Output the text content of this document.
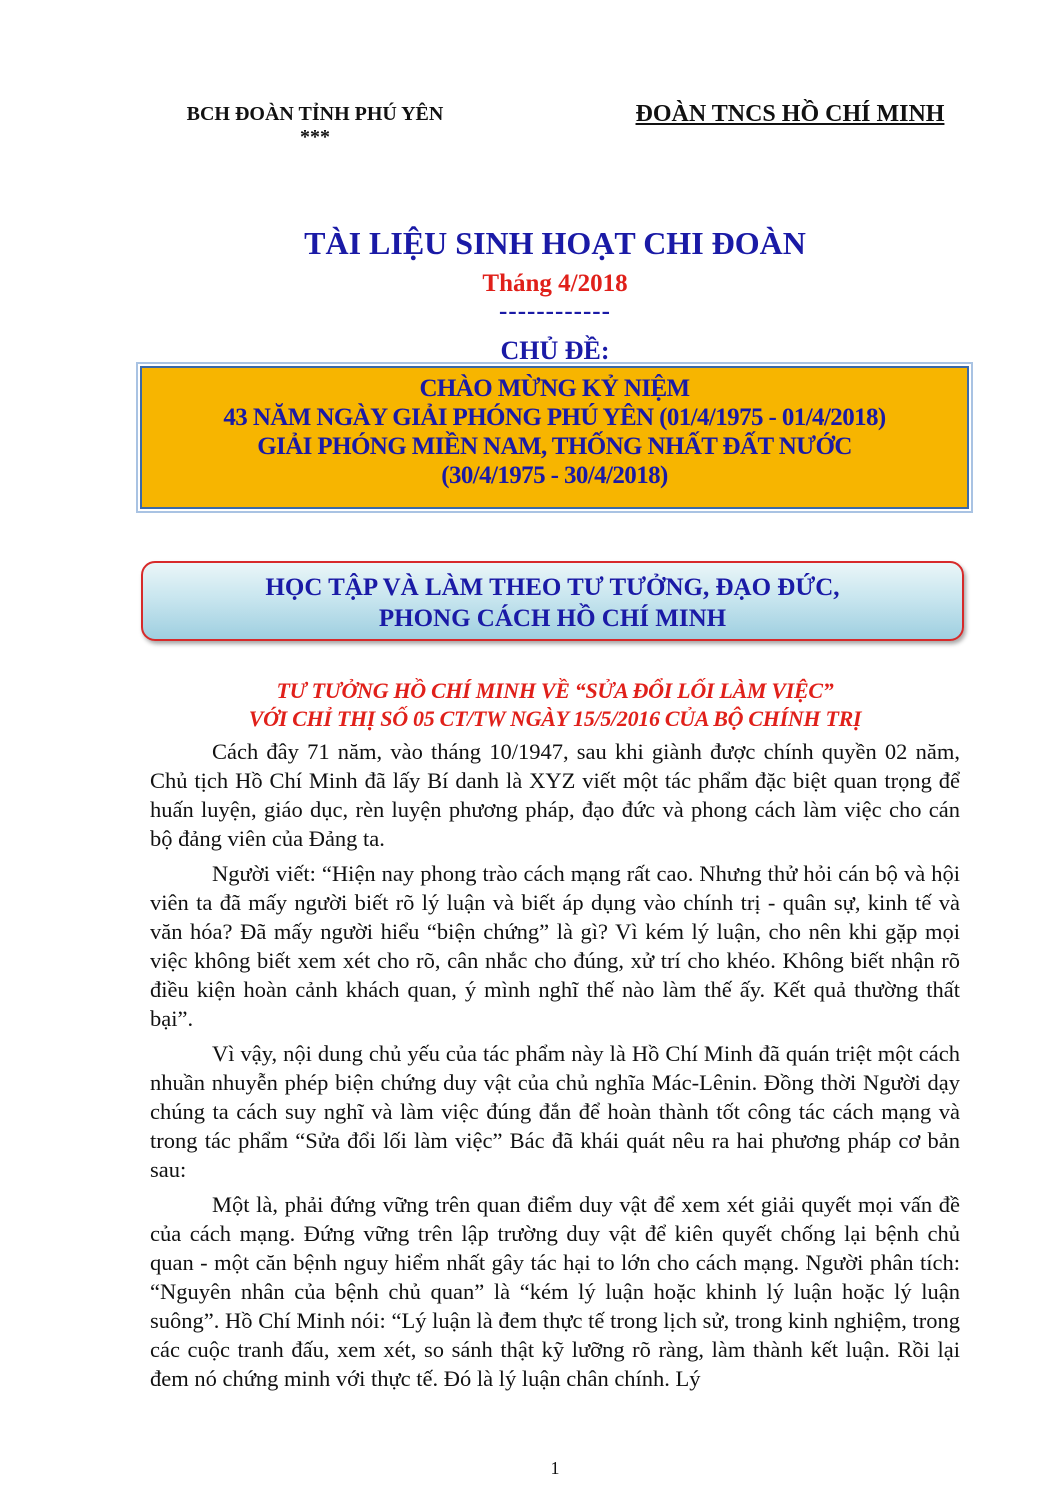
BCH ĐOÀN TỈNH PHÚ YÊN
***
ĐOÀN TNCS HỒ CHÍ MINH
TÀI LIỆU SINH HOẠT CHI ĐOÀN
Tháng 4/2018
------------
CHỦ ĐỀ:
CHÀO MỪNG KỶ NIỆM
43 NĂM NGÀY GIẢI PHÓNG PHÚ YÊN (01/4/1975 - 01/4/2018)
GIẢI PHÓNG MIỀN NAM, THỐNG NHẤT ĐẤT NƯỚC
(30/4/1975 - 30/4/2018)
HỌC TẬP VÀ LÀM THEO TƯ TƯỞNG, ĐẠO ĐỨC,
PHONG CÁCH HỒ CHÍ MINH
TƯ TƯỞNG HỒ CHÍ MINH VỀ “SỬA ĐỔI LỐI LÀM VIỆC”
VỚI CHỈ THỊ SỐ 05 CT/TW NGÀY 15/5/2016 CỦA BỘ CHÍNH TRỊ

Cách đây 71 năm, vào tháng 10/1947, sau khi giành được chính quyền 02 năm, Chủ tịch Hồ Chí Minh đã lấy Bí danh là XYZ viết một tác phẩm đặc biệt quan trọng để huấn luyện, giáo dục, rèn luyện phương pháp, đạo đức và phong cách làm việc cho cán bộ đảng viên của Đảng ta.

Người viết: “Hiện nay phong trào cách mạng rất cao. Nhưng thử hỏi cán bộ và hội viên ta đã mấy người biết rõ lý luận và biết áp dụng vào chính trị - quân sự, kinh tế và văn hóa? Đã mấy người hiểu “biện chứng” là gì? Vì kém lý luận, cho nên khi gặp mọi việc không biết xem xét cho rõ, cân nhắc cho đúng, xử trí cho khéo. Không biết nhận rõ điều kiện hoàn cảnh khách quan, ý mình nghĩ thế nào làm thế ấy. Kết quả thường thất bại”.

Vì vậy, nội dung chủ yếu của tác phẩm này là Hồ Chí Minh đã quán triệt một cách nhuần nhuyễn phép biện chứng duy vật của chủ nghĩa Mác-Lênin. Đồng thời Người dạy chúng ta cách suy nghĩ và làm việc đúng đắn để hoàn thành tốt công tác cách mạng và trong tác phẩm “Sửa đổi lối làm việc” Bác đã khái quát nêu ra hai phương pháp cơ bản sau:

Một là, phải đứng vững trên quan điểm duy vật để xem xét giải quyết mọi vấn đề của cách mạng. Đứng vững trên lập trường duy vật để kiên quyết chống lại bệnh chủ quan - một căn bệnh nguy hiểm nhất gây tác hại to lớn cho cách mạng. Người phân tích: “Nguyên nhân của bệnh chủ quan” là “kém lý luận hoặc khinh lý luận hoặc lý luận suông”. Hồ Chí Minh nói: “Lý luận là đem thực tế trong lịch sử, trong kinh nghiệm, trong các cuộc tranh đấu, xem xét, so sánh thật kỹ lưỡng rõ ràng, làm thành kết luận. Rồi lại đem nó chứng minh với thực tế. Đó là lý luận chân chính. Lý

1
